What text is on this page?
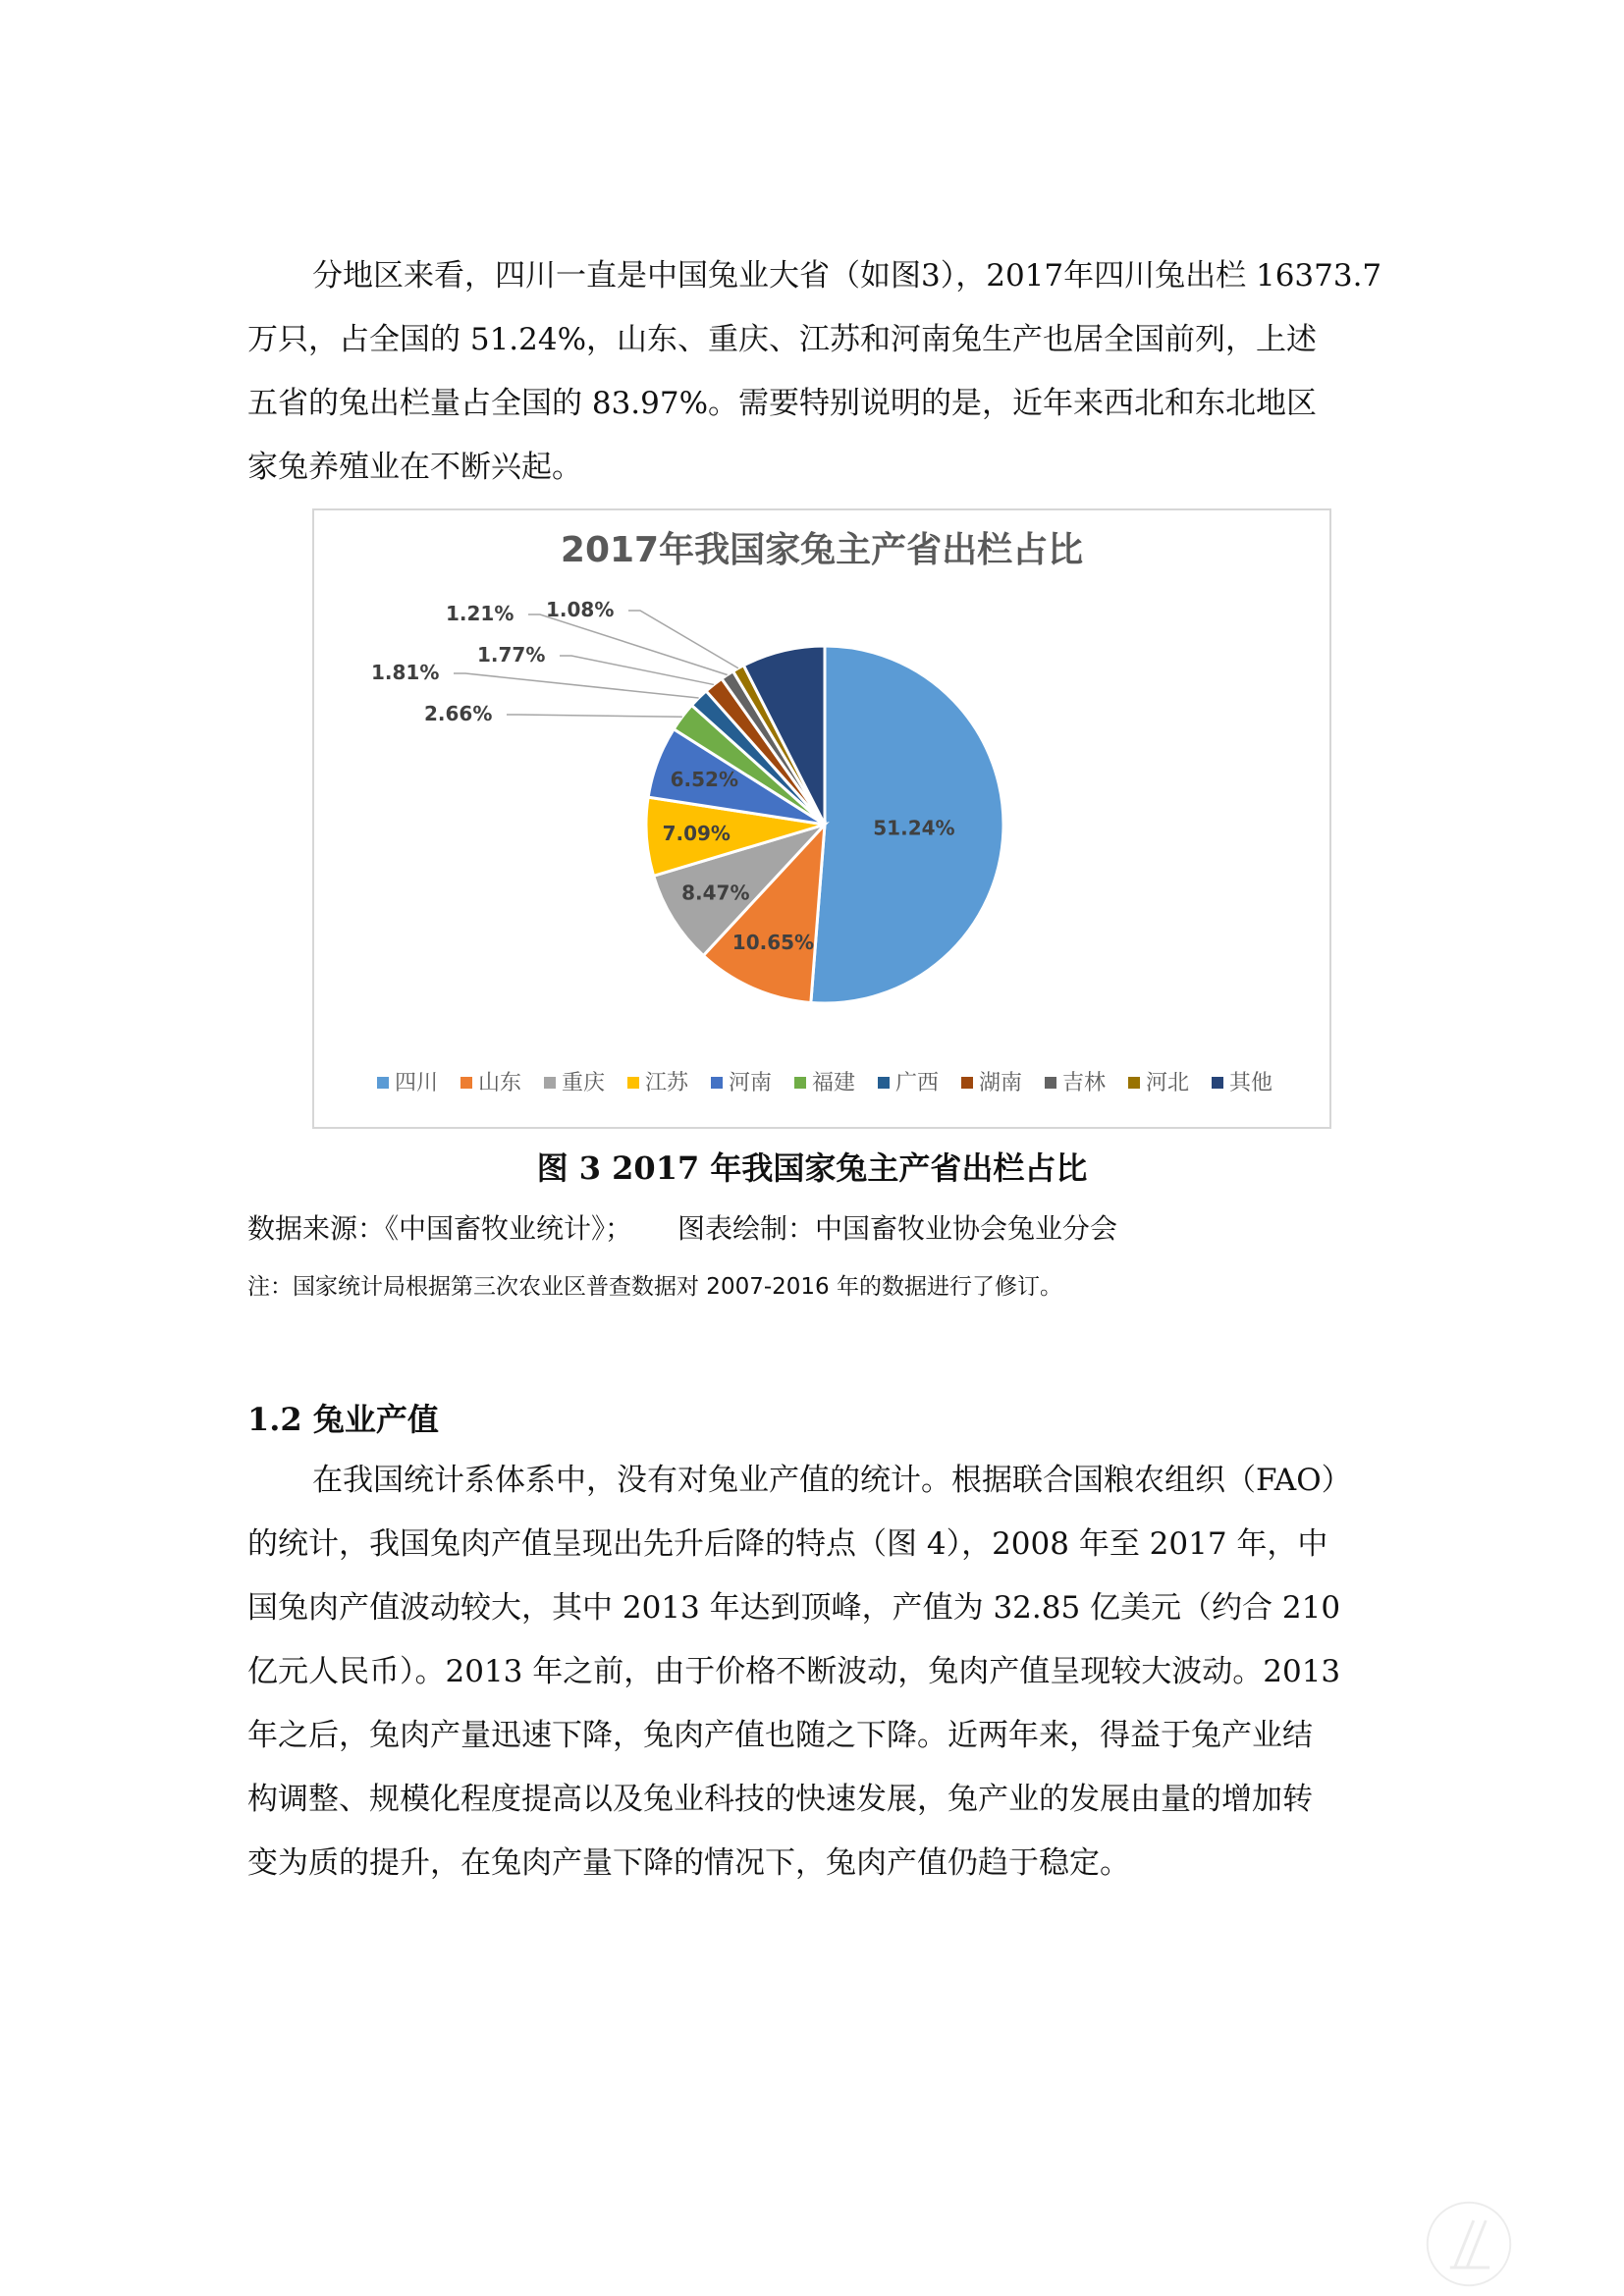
分地区来看，四川一直是中国兔业大省（如图3），2017年四川兔出栏 16373.7
万只，占全国的 51.24%，山东、重庆、江苏和河南兔生产也居全国前列，上述
五省的兔出栏量占全国的 83.97%。需要特别说明的是，近年来西北和东北地区
家兔养殖业在不断兴起。
2017年我国家兔主产省出栏占比
51.24%
10.65%
8.47%
7.09%
6.52%
2.66%
1.81%
1.77%
1.21% 1.08%
四川 山东 重庆 江苏 河南 福建 广西 湖南 吉林 河北 其他
图 3 2017 年我国家兔主产省出栏占比
数据来源：《中国畜牧业统计》； 图表绘制：中国畜牧业协会兔业分会
注：国家统计局根据第三次农业区普查数据对 2007-2016 年的数据进行了修订。
1.2 兔业产值
在我国统计系体系中，没有对兔业产值的统计。根据联合国粮农组织（FAO）
的统计，我国兔肉产值呈现出先升后降的特点（图 4），2008 年至 2017 年，中
国兔肉产值波动较大，其中 2013 年达到顶峰，产值为 32.85 亿美元（约合 210
亿元人民币）。2013 年之前，由于价格不断波动，兔肉产值呈现较大波动。2013
年之后，兔肉产量迅速下降，兔肉产值也随之下降。近两年来，得益于兔产业结
构调整、规模化程度提高以及兔业科技的快速发展，兔产业的发展由量的增加转
变为质的提升，在兔肉产量下降的情况下，兔肉产值仍趋于稳定。
